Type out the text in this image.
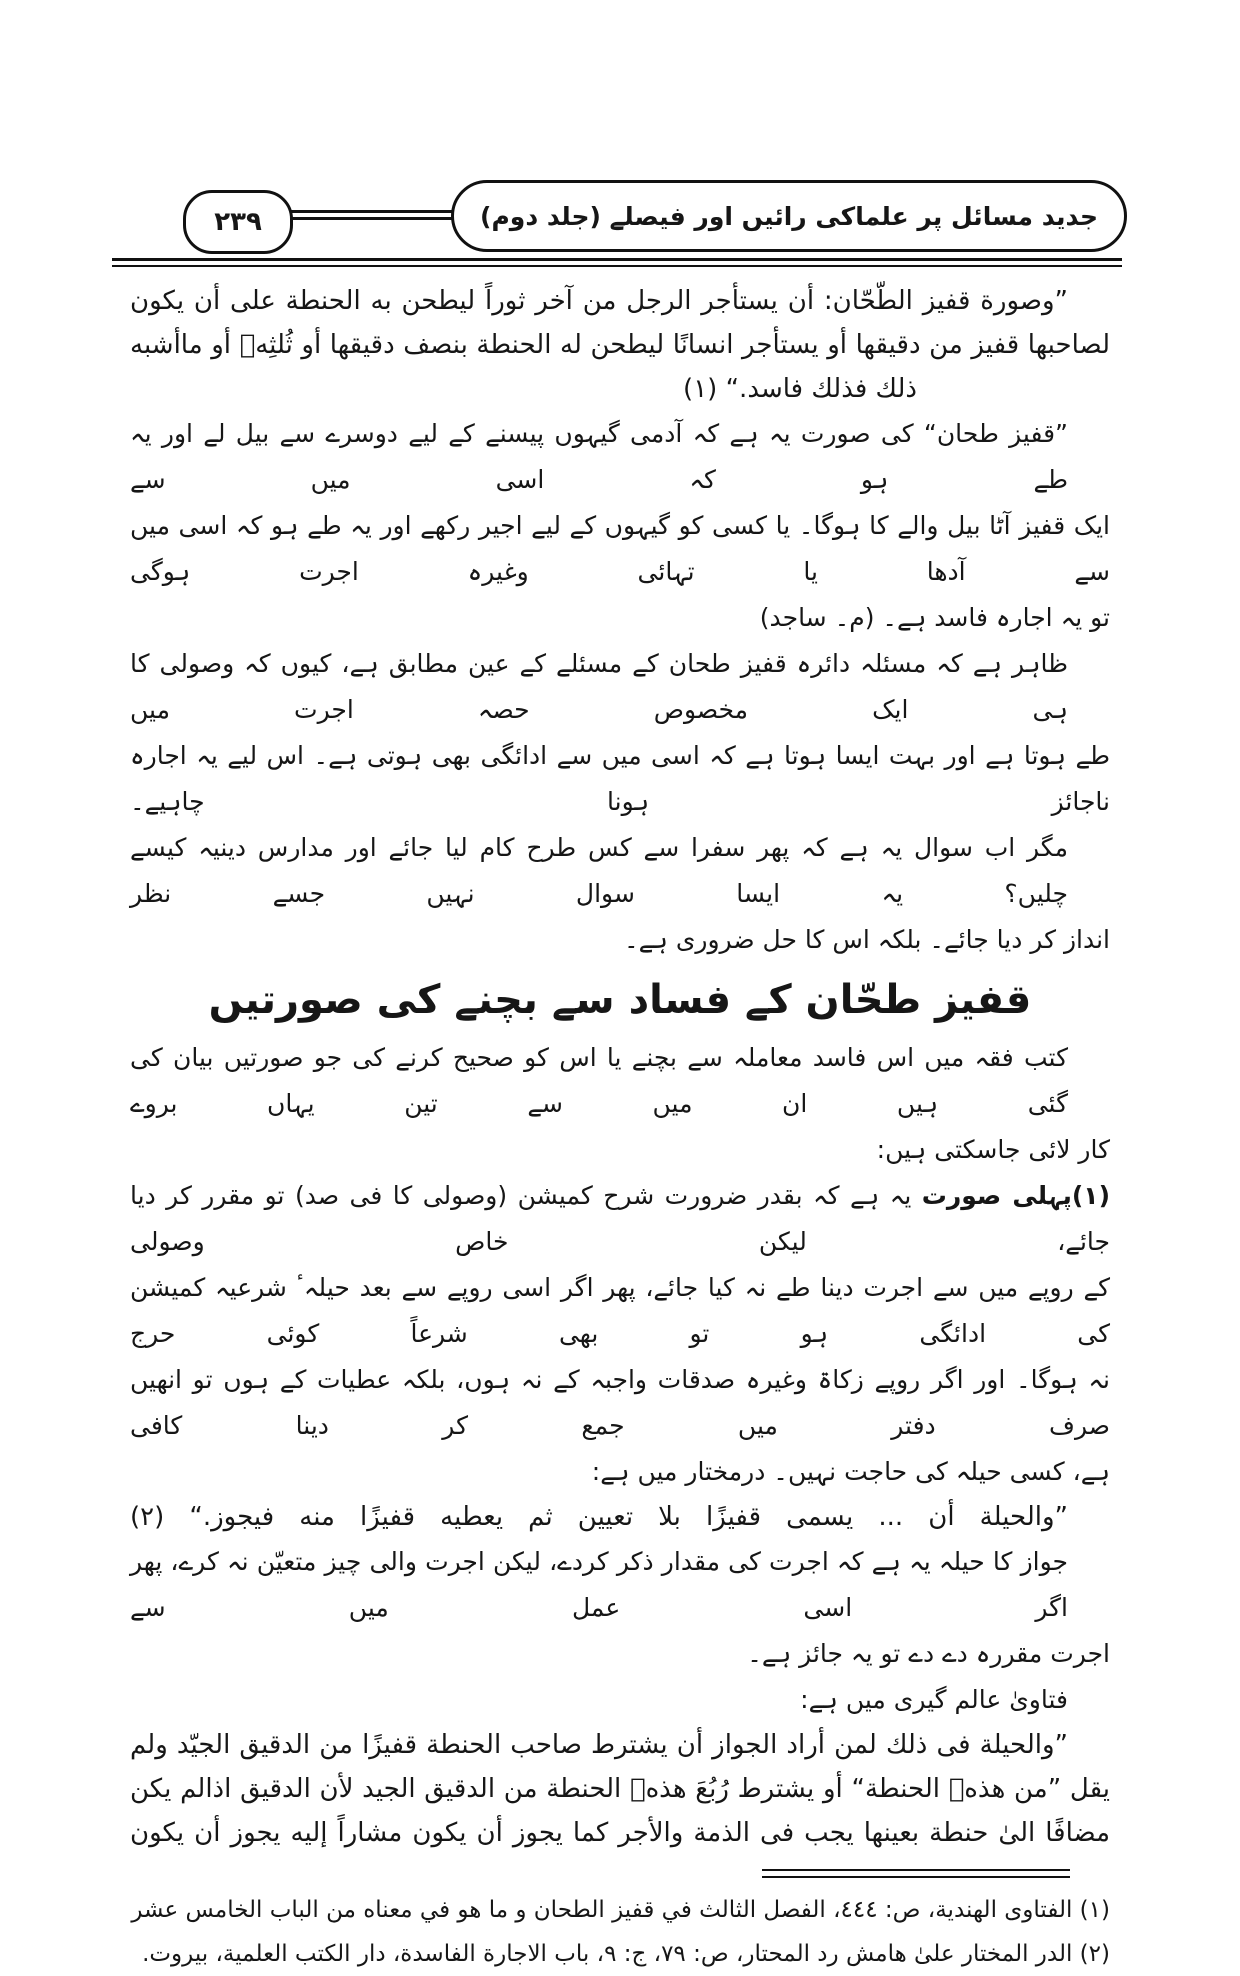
۲۳۹	جدید مسائل پر علماکی رائیں اور فیصلے (جلد دوم)
”وصورة قفيز الطّحّان: أن يستأجر الرجل من آخر ثوراً ليطحن به الحنطة على أن يكون
لصاحبها قفيز من دقيقها أو يستأجر انسانًا ليطحن له الحنطة بنصف دقيقها أو ثُلثِهٖ أو ماأشبه
ذلك فذلك فاسد.“ (۱)
”قفیز طحان“ کی صورت یہ ہے کہ آدمی گیہوں پیسنے کے لیے دوسرے سے بیل لے اور یہ طے ہو کہ اسی میں سے
ایک قفیز آٹا بیل والے کا ہوگا۔ یا کسی کو گیہوں کے لیے اجیر رکھے اور یہ طے ہو کہ اسی میں سے آدھا یا تہائی وغیرہ اجرت ہوگی
تو یہ اجارہ فاسد ہے۔ (م۔ ساجد)
ظاہر ہے کہ مسئلہ دائرہ قفیز طحان کے مسئلے کے عین مطابق ہے، کیوں کہ وصولی کا ہی ایک مخصوص حصہ اجرت میں
طے ہوتا ہے اور بہت ایسا ہوتا ہے کہ اسی میں سے ادائگی بھی ہوتی ہے۔ اس لیے یہ اجارہ ناجائز ہونا چاہیے۔
مگر اب سوال یہ ہے کہ پھر سفرا سے کس طرح کام لیا جائے اور مدارس دینیہ کیسے چلیں؟ یہ ایسا سوال نہیں جسے نظر
انداز کر دیا جائے۔ بلکہ اس کا حل ضروری ہے۔
قفیز طحّان کے فساد سے بچنے کی صورتیں
کتب فقہ میں اس فاسد معاملہ سے بچنے یا اس کو صحیح کرنے کی جو صورتیں بیان کی گئی ہیں ان میں سے تین یہاں بروے
کار لائی جاسکتی ہیں:
(۱)پہلی صورت یہ ہے کہ بقدر ضرورت شرح کمیشن (وصولی کا فی صد) تو مقرر کر دیا جائے، لیکن خاص وصولی
کے روپے میں سے اجرت دینا طے نہ کیا جائے، پھر اگر اسی روپے سے بعد حیلہٴ شرعیہ کمیشن کی ادائگی ہو تو بھی شرعاً کوئی حرج
نہ ہوگا۔ اور اگر روپے زکاۃ وغیرہ صدقات واجبہ کے نہ ہوں، بلکہ عطیات کے ہوں تو انھیں صرف دفتر میں جمع کر دینا کافی
ہے، کسی حیلہ کی حاجت نہیں۔ درمختار میں ہے:
”والحيلة أن ... يسمى قفيزًا بلا تعيين ثم يعطيه قفيزًا منه فيجوز.“ (۲)
جواز کا حیلہ یہ ہے کہ اجرت کی مقدار ذکر کردے، لیکن اجرت والی چیز متعیّن نہ کرے، پھر اگر اسی عمل میں سے
اجرت مقررہ دے دے تو یہ جائز ہے۔
فتاویٰ عالم گیری میں ہے:
”والحيلة فى ذلك لمن أراد الجواز أن يشترط صاحب الحنطة قفيزًا من الدقيق الجيّد ولم
يقل ”من هذهٖ الحنطة“ أو يشترط رُبُعَ هذهٖ الحنطة من الدقيق الجيد لأن الدقيق اذالم يكن
مضافًا الىٰ حنطة بعينها يجب فى الذمة والأجر كما يجوز أن يكون مشاراً إليه يجوز أن يكون
(۱) الفتاوى الهندية، ص: ٤٤٤، الفصل الثالث في قفيز الطحان و ما هو في معناه من الباب الخامس عشر
(۲) الدر المختار علىٰ هامش رد المحتار، ص: ٧٩، ج: ٩، باب الاجارة الفاسدة، دار الكتب العلمية، بيروت.
